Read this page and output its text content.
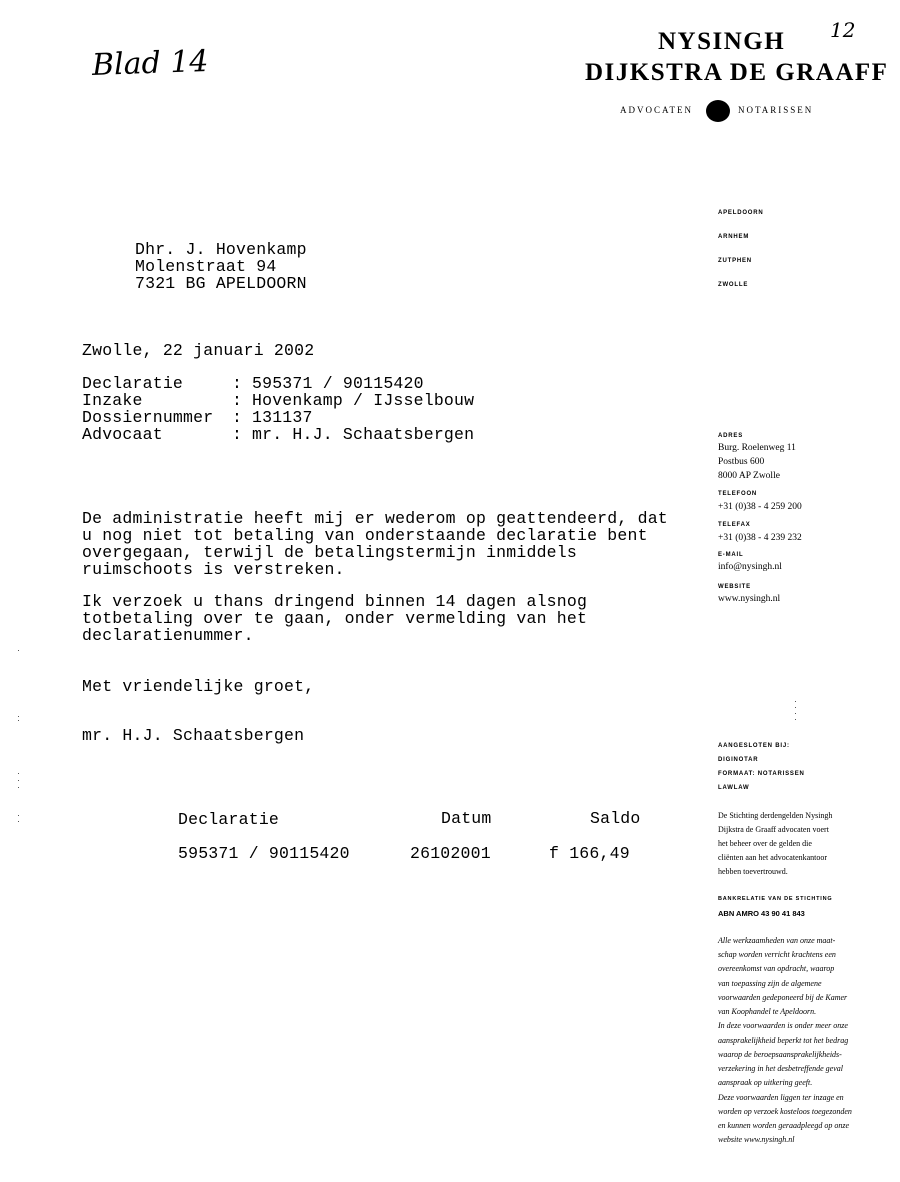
Blad 14
12
NYSINGH
DIJKSTRA DE GRAAFF
ADVOCATEN	NOTARISSEN
APELDOORN
ARNHEM
ZUTPHEN
ZWOLLE
Dhr. J. Hovenkamp
Molenstraat 94
7321 BG APELDOORN
Zwolle, 22 januari 2002
Declaratie	: 595371 / 90115420
Inzake	: Hovenkamp / IJsselbouw
Dossiernummer : 131137
Advocaat	: mr. H.J. Schaatsbergen
De administratie heeft mij er wederom op geattendeerd, dat
u nog niet tot betaling van onderstaande declaratie bent
overgegaan, terwijl de betalingstermijn inmiddels
ruimschoots is verstreken.
Ik verzoek u thans dringend binnen 14 dagen alsnog
totbetaling over te gaan, onder vermelding van het
declaratienummer.
Met vriendelijke groet,
mr. H.J. Schaatsbergen
Declaratie	Datum	Saldo
595371 / 90115420	26102001	f 166,49
ADRES
Burg. Roelenweg 11
Postbus 600
8000 AP Zwolle
TELEFOON
+31 (0)38 - 4 259 200
TELEFAX
+31 (0)38 - 4 239 232
E-MAIL
info@nysingh.nl
WEBSITE
www.nysingh.nl
AANGESLOTEN BIJ:
DIGINOTAR
FORMAAT: NOTARISSEN
LAWLAW
De Stichting derdengelden Nysingh
Dijkstra de Graaff advocaten voert
het beheer over de gelden die
cliënten aan het advocatenkantoor
hebben toevertrouwd.
BANKRELATIE VAN DE STICHTING
ABN AMRO 43 90 41 843
Alle werkzaamheden van onze maat-
schap worden verricht krachtens een
overeenkomst van opdracht, waarop
van toepassing zijn de algemene
voorwaarden gedeponeerd bij de Kamer
van Koophandel te Apeldoorn.
In deze voorwaarden is onder meer onze
aansprakelijkheid beperkt tot het bedrag
waarop de beroepsaansprakelijkheids-
verzekering in het desbetreffende geval
aanspraak op uitkering geeft.
Deze voorwaarden liggen ter inzage en
worden op verzoek kosteloos toegezonden
en kunnen worden geraadpleegd op onze
website www.nysingh.nl
